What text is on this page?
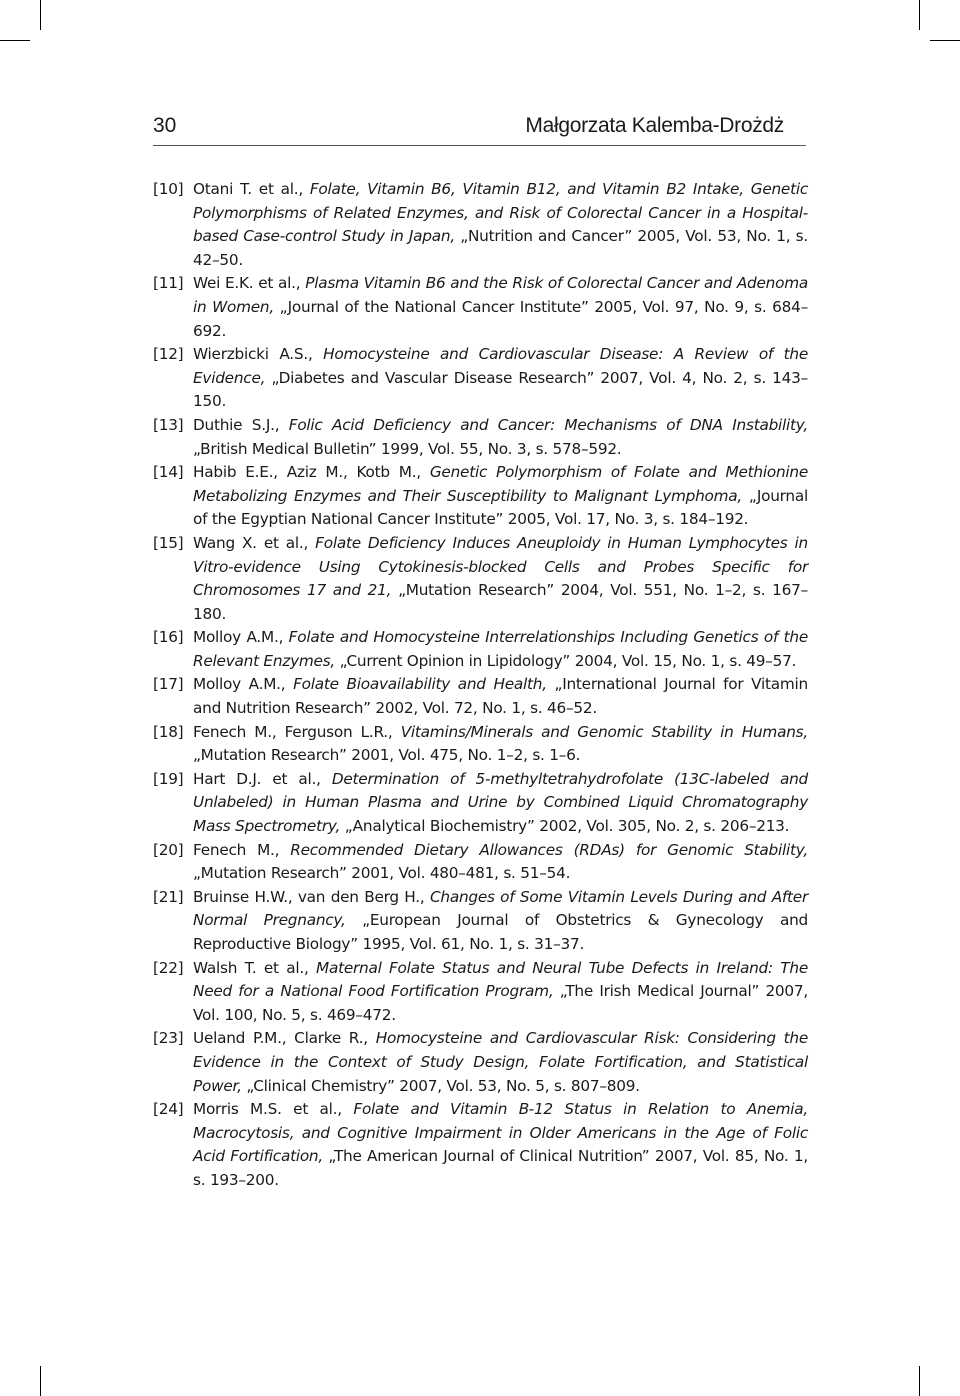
30	Małgorzata Kalemba-Drożdż
[10] Otani T. et al., Folate, Vitamin B6, Vitamin B12, and Vitamin B2 Intake, Genetic Polymorphisms of Related Enzymes, and Risk of Colorectal Cancer in a Hospital-based Case-control Study in Japan, „Nutrition and Cancer” 2005, Vol. 53, No. 1, s. 42–50.
[11] Wei E.K. et al., Plasma Vitamin B6 and the Risk of Colorectal Cancer and Adenoma in Women, „Journal of the National Cancer Institute” 2005, Vol. 97, No. 9, s. 684–692.
[12] Wierzbicki A.S., Homocysteine and Cardiovascular Disease: A Review of the Evidence, „Diabetes and Vascular Disease Research” 2007, Vol. 4, No. 2, s. 143–150.
[13] Duthie S.J., Folic Acid Deficiency and Cancer: Mechanisms of DNA Instability, „British Medical Bulletin” 1999, Vol. 55, No. 3, s. 578–592.
[14] Habib E.E., Aziz M., Kotb M., Genetic Polymorphism of Folate and Methionine Metabolizing Enzymes and Their Susceptibility to Malignant Lymphoma, „Journal of the Egyptian National Cancer Institute” 2005, Vol. 17, No. 3, s. 184–192.
[15] Wang X. et al., Folate Deficiency Induces Aneuploidy in Human Lymphocytes in Vitro-evidence Using Cytokinesis-blocked Cells and Probes Specific for Chromosomes 17 and 21, „Mutation Research” 2004, Vol. 551, No. 1–2, s. 167–180.
[16] Molloy A.M., Folate and Homocysteine Interrelationships Including Genetics of the Relevant Enzymes, „Current Opinion in Lipidology” 2004, Vol. 15, No. 1, s. 49–57.
[17] Molloy A.M., Folate Bioavailability and Health, „International Journal for Vitamin and Nutrition Research” 2002, Vol. 72, No. 1, s. 46–52.
[18] Fenech M., Ferguson L.R., Vitamins/Minerals and Genomic Stability in Humans, „Mutation Research” 2001, Vol. 475, No. 1–2, s. 1–6.
[19] Hart D.J. et al., Determination of 5-methyltetrahydrofolate (13C-labeled and Unlabeled) in Human Plasma and Urine by Combined Liquid Chromatography Mass Spectrometry, „Analytical Biochemistry” 2002, Vol. 305, No. 2, s. 206–213.
[20] Fenech M., Recommended Dietary Allowances (RDAs) for Genomic Stability, „Mutation Research” 2001, Vol. 480–481, s. 51–54.
[21] Bruinse H.W., van den Berg H., Changes of Some Vitamin Levels During and After Normal Pregnancy, „European Journal of Obstetrics & Gynecology and Reproductive Biology” 1995, Vol. 61, No. 1, s. 31–37.
[22] Walsh T. et al., Maternal Folate Status and Neural Tube Defects in Ireland: The Need for a National Food Fortification Program, „The Irish Medical Journal” 2007, Vol. 100, No. 5, s. 469–472.
[23] Ueland P.M., Clarke R., Homocysteine and Cardiovascular Risk: Considering the Evidence in the Context of Study Design, Folate Fortification, and Statistical Power, „Clinical Chemistry” 2007, Vol. 53, No. 5, s. 807–809.
[24] Morris M.S. et al., Folate and Vitamin B-12 Status in Relation to Anemia, Macrocytosis, and Cognitive Impairment in Older Americans in the Age of Folic Acid Fortification, „The American Journal of Clinical Nutrition” 2007, Vol. 85, No. 1, s. 193–200.
